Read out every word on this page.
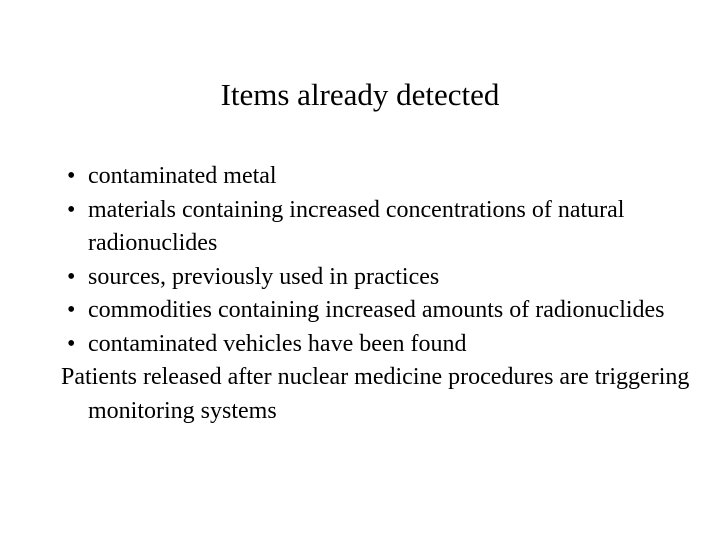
Items already detected
• contaminated metal
• materials containing increased concentrations of natural radionuclides
• sources, previously used in practices
• commodities containing increased amounts of radionuclides
• contaminated vehicles have been found
Patients released after nuclear medicine procedures are triggering monitoring systems
